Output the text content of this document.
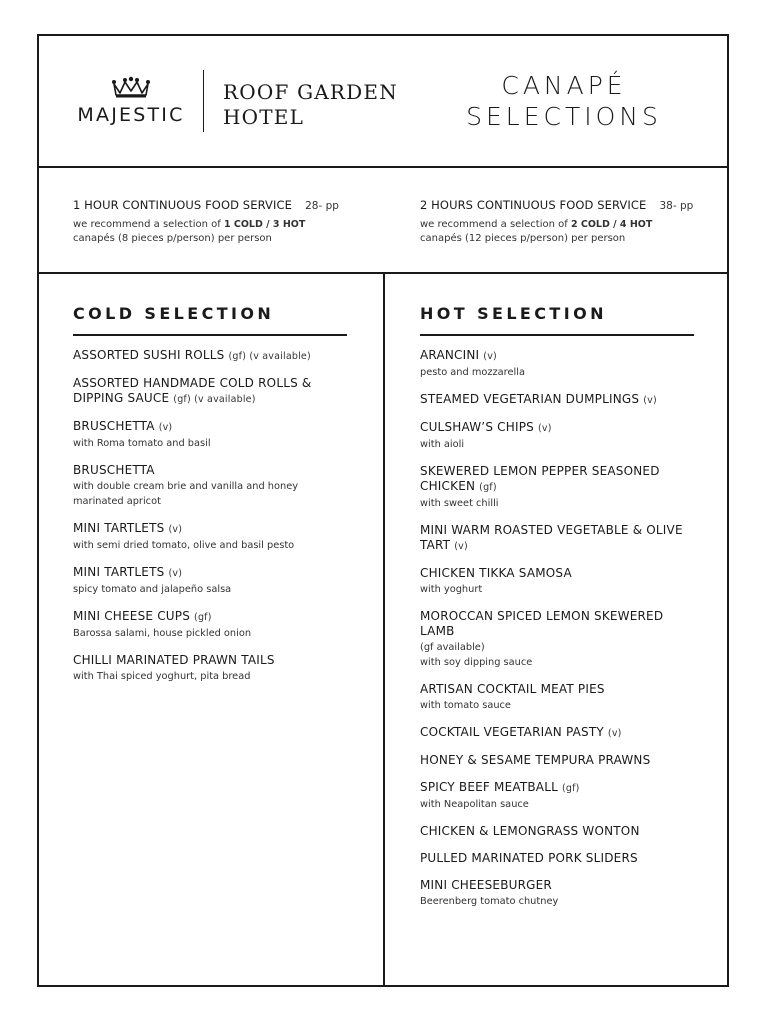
MAJESTIC
ROOF GARDEN
HOTEL
CANAPÉ
SELECTIONS
1 HOUR CONTINUOUS FOOD SERVICE 28- pp
we recommend a selection of 1 COLD / 3 HOT
canapés (8 pieces p/person) per person
2 HOURS CONTINUOUS FOOD SERVICE 38- pp
we recommend a selection of 2 COLD / 4 HOT
canapés (12 pieces p/person) per person
COLD SELECTION
ASSORTED SUSHI ROLLS (gf) (v available)
ASSORTED HANDMADE COLD ROLLS & DIPPING SAUCE (gf) (v available)
BRUSCHETTA (v)
with Roma tomato and basil
BRUSCHETTA
with double cream brie and vanilla and honey marinated apricot
MINI TARTLETS (v)
with semi dried tomato, olive and basil pesto
MINI TARTLETS (v)
spicy tomato and jalapeño salsa
MINI CHEESE CUPS (gf)
Barossa salami, house pickled onion
CHILLI MARINATED PRAWN TAILS
with Thai spiced yoghurt, pita bread
HOT SELECTION
ARANCINI (v)
pesto and mozzarella
STEAMED VEGETARIAN DUMPLINGS (v)
CULSHAW’S CHIPS (v)
with aioli
SKEWERED LEMON PEPPER SEASONED CHICKEN (gf)
with sweet chilli
MINI WARM ROASTED VEGETABLE & OLIVE TART (v)
CHICKEN TIKKA SAMOSA
with yoghurt
MOROCCAN SPICED LEMON SKEWERED LAMB
(gf available)
with soy dipping sauce
ARTISAN COCKTAIL MEAT PIES
with tomato sauce
COCKTAIL VEGETARIAN PASTY (v)
HONEY & SESAME TEMPURA PRAWNS
SPICY BEEF MEATBALL (gf)
with Neapolitan sauce
CHICKEN & LEMONGRASS WONTON
PULLED MARINATED PORK SLIDERS
MINI CHEESEBURGER
Beerenberg tomato chutney
